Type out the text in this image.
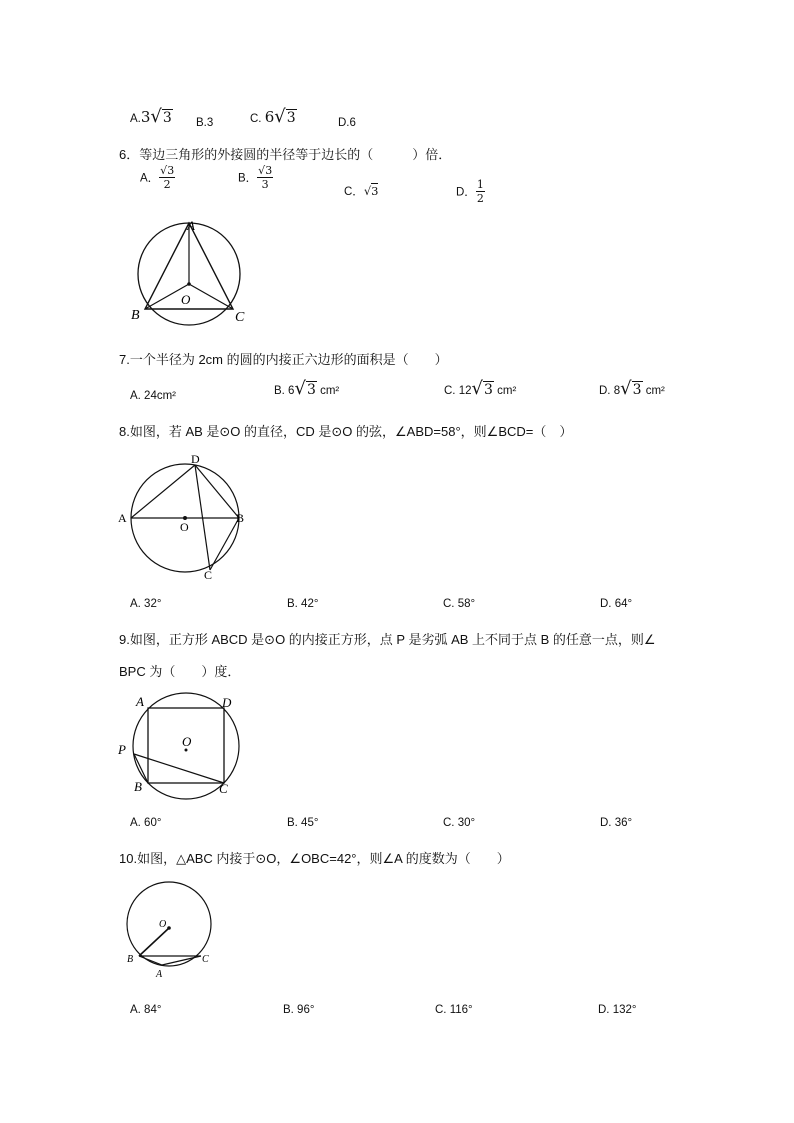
A.3√3 B.3	C. 6√3	D.6
6．等边三角形的外接圆的半径等于边长的（　　　）倍．
A． $\frac{√3}{2}$	B． $\frac{√3}{3}$
C．√3	D． $\frac{1}{2}$
A
B	C
O
7.一个半径为 2cm 的圆的内接正六边形的面积是（　　）
A. 24cm²	B. 6√3 cm²	C. 12√3 cm²	D. 8√3 cm²
8.如图，若 AB 是⊙O 的直径，CD 是⊙O 的弦，∠ABD=58°，则∠BCD=（　）
A	B
C
D
O
A. 32°	B. 42°	C. 58°	D. 64°
9.如图，正方形 ABCD 是⊙O 的内接正方形，点 P 是劣弧 AB 上不同于点 B 的任意一点，则∠
BPC 为（　　）度．
A
B	C
D
O
P
A. 60°	B. 45°	C. 30°	D. 36°
10.如图，△ABC 内接于⊙O，∠OBC=42°，则∠A 的度数为（　　）
A
B	C
O
A. 84°	B. 96°	C. 116°	D. 132°
